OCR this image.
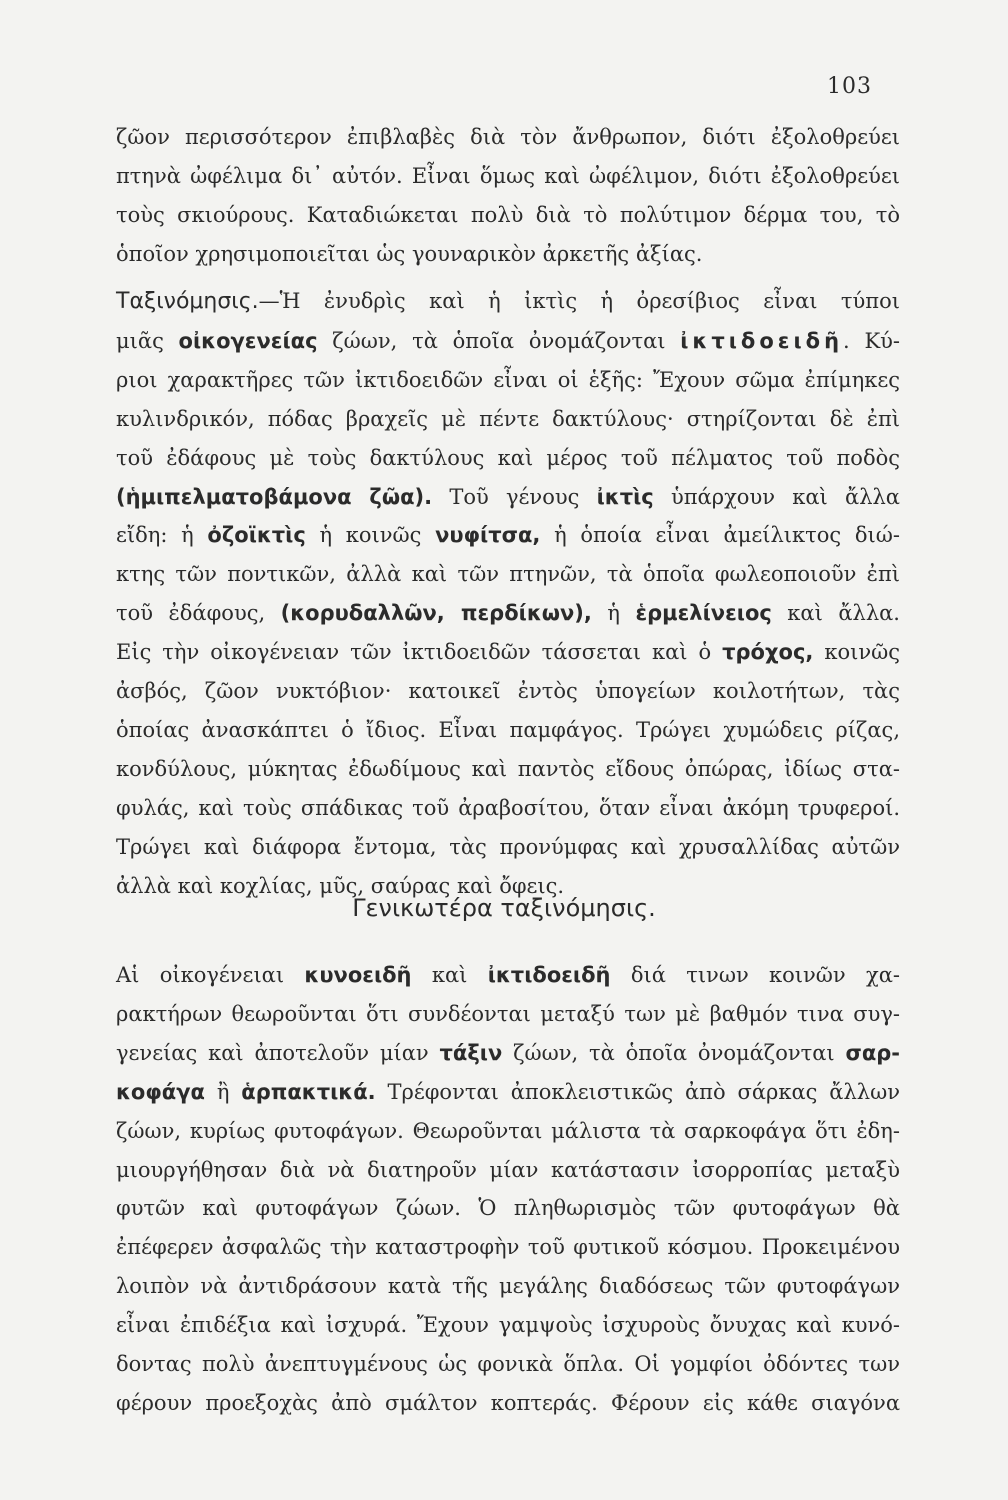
103
ζῶον περισσότερον ἐπιβλαβὲς διὰ τὸν ἄνθρωπον, διότι ἐξολοθρεύει
πτηνὰ ὠφέλιμα δι᾽ αὐτόν. Εἶναι ὅμως καὶ ὠφέλιμον, διότι ἐξολοθρεύει
τοὺς σκιούρους. Καταδιώκεται πολὺ διὰ τὸ πολύτιμον δέρμα του, τὸ
ὁποῖον χρησιμοποιεῖται ὡς γουναρικὸν ἀρκετῆς ἀξίας.
Ταξινόμησις.—Ἡ ἐνυδρὶς καὶ ἡ ἰκτὶς ἡ ὀρεσίβιος εἶναι τύποι
μιᾶς οἰκογενείας ζώων, τὰ ὁποῖα ὀνομάζονται ἰκτιδοειδῆ. Κύ-
ριοι χαρακτῆρες τῶν ἰκτιδοειδῶν εἶναι οἱ ἑξῆς: Ἔχουν σῶμα ἐπίμηκες
κυλινδρικόν, πόδας βραχεῖς μὲ πέντε δακτύλους· στηρίζονται δὲ ἐπὶ
τοῦ ἐδάφους μὲ τοὺς δακτύλους καὶ μέρος τοῦ πέλματος τοῦ ποδὸς
(ἡμιπελματοβάμονα ζῶα). Τοῦ γένους ἰκτὶς ὑπάρχουν καὶ ἄλλα
εἴδη: ἡ ὀζοϊκτὶς ἡ κοινῶς νυφίτσα, ἡ ὁποία εἶναι ἀμείλικτος διώ-
κτης τῶν ποντικῶν, ἀλλὰ καὶ τῶν πτηνῶν, τὰ ὁποῖα φωλεοποιοῦν ἐπὶ
τοῦ ἐδάφους, (κορυδαλλῶν, περδίκων), ἡ ἑρμελίνειος καὶ ἄλλα.
Εἰς τὴν οἰκογένειαν τῶν ἰκτιδοειδῶν τάσσεται καὶ ὁ τρόχος, κοινῶς
ἀσβός, ζῶον νυκτόβιον· κατοικεῖ ἐντὸς ὑπογείων κοιλοτήτων, τὰς
ὁποίας ἀνασκάπτει ὁ ἴδιος. Εἶναι παμφάγος. Τρώγει χυμώδεις ρίζας,
κονδύλους, μύκητας ἐδωδίμους καὶ παντὸς εἴδους ὀπώρας, ἰδίως στα-
φυλάς, καὶ τοὺς σπάδικας τοῦ ἀραβοσίτου, ὅταν εἶναι ἀκόμη τρυφεροί.
Τρώγει καὶ διάφορα ἔντομα, τὰς προνύμφας καὶ χρυσαλλίδας αὐτῶν
ἀλλὰ καὶ κοχλίας, μῦς, σαύρας καὶ ὄφεις.
Γενικωτέρα ταξινόμησις.
Αἱ οἰκογένειαι κυνοειδῆ καὶ ἰκτιδοειδῆ διά τινων κοινῶν χα-
ρακτήρων θεωροῦνται ὅτι συνδέονται μεταξύ των μὲ βαθμόν τινα συγ-
γενείας καὶ ἀποτελοῦν μίαν τάξιν ζώων, τὰ ὁποῖα ὀνομάζονται σαρ-
κοφάγα ἢ ἁρπακτικά. Τρέφονται ἀποκλειστικῶς ἀπὸ σάρκας ἄλλων
ζώων, κυρίως φυτοφάγων. Θεωροῦνται μάλιστα τὰ σαρκοφάγα ὅτι ἐδη-
μιουργήθησαν διὰ νὰ διατηροῦν μίαν κατάστασιν ἰσορροπίας μεταξὺ
φυτῶν καὶ φυτοφάγων ζώων. Ὁ πληθωρισμὸς τῶν φυτοφάγων θὰ
ἐπέφερεν ἀσφαλῶς τὴν καταστροφὴν τοῦ φυτικοῦ κόσμου. Προκειμένου
λοιπὸν νὰ ἀντιδράσουν κατὰ τῆς μεγάλης διαδόσεως τῶν φυτοφάγων
εἶναι ἐπιδέξια καὶ ἰσχυρά. Ἔχουν γαμψοὺς ἰσχυροὺς ὄνυχας καὶ κυνό-
δοντας πολὺ ἀνεπτυγμένους ὡς φονικὰ ὅπλα. Οἱ γομφίοι ὀδόντες των
φέρουν προεξοχὰς ἀπὸ σμάλτον κοπτεράς. Φέρουν εἰς κάθε σιαγόνα
